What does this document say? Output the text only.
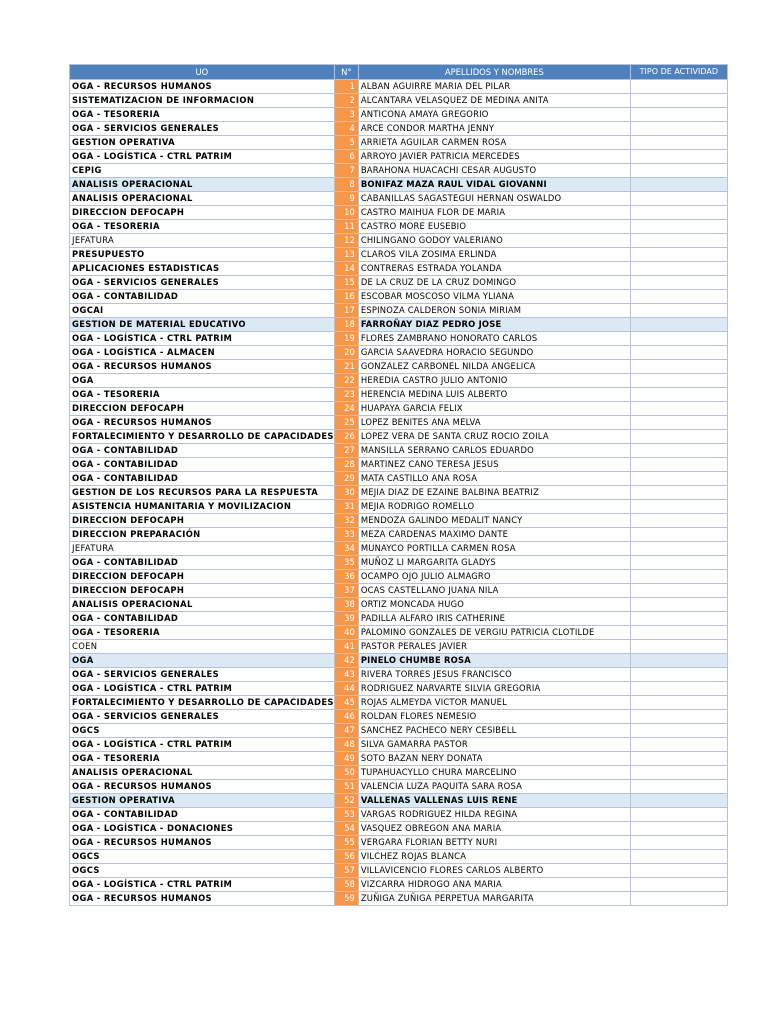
UO	N°	APELLIDOS Y NOMBRES	TIPO DE ACTIVIDAD
OGA - RECURSOS HUMANOS	1	ALBAN AGUIRRE MARIA DEL PILAR	
SISTEMATIZACION DE INFORMACION	2	ALCANTARA VELASQUEZ DE MEDINA ANITA	
OGA - TESORERIA	3	ANTICONA AMAYA GREGORIO	
OGA - SERVICIOS GENERALES	4	ARCE CONDOR MARTHA JENNY	
GESTION OPERATIVA	5	ARRIETA AGUILAR CARMEN ROSA	
OGA - LOGÍSTICA - CTRL PATRIM	6	ARROYO JAVIER PATRICIA MERCEDES	
CEPIG	7	BARAHONA HUACACHI CESAR AUGUSTO	
ANALISIS OPERACIONAL	8	BONIFAZ MAZA RAUL VIDAL GIOVANNI	
ANALISIS OPERACIONAL	9	CABANILLAS SAGASTEGUI HERNAN OSWALDO	
DIRECCION DEFOCAPH	10	CASTRO MAIHUA FLOR DE MARIA	
OGA - TESORERIA	11	CASTRO MORE EUSEBIO	
JEFATURA	12	CHILINGANO GODOY VALERIANO	
PRESUPUESTO	13	CLAROS VILA ZOSIMA ERLINDA	
APLICACIONES ESTADISTICAS	14	CONTRERAS ESTRADA YOLANDA	
OGA - SERVICIOS GENERALES	15	DE LA CRUZ DE LA CRUZ DOMINGO	
OGA - CONTABILIDAD	16	ESCOBAR MOSCOSO VILMA YLIANA	
OGCAI	17	ESPINOZA CALDERON SONIA MIRIAM	
GESTION DE MATERIAL EDUCATIVO	18	FARROÑAY DIAZ PEDRO JOSE	
OGA - LOGÍSTICA - CTRL PATRIM	19	FLORES ZAMBRANO HONORATO CARLOS	
OGA - LOGÍSTICA - ALMACEN	20	GARCIA SAAVEDRA HORACIO SEGUNDO	
OGA - RECURSOS HUMANOS	21	GONZALEZ CARBONEL NILDA ANGELICA	
OGA	22	HEREDIA CASTRO JULIO ANTONIO	
OGA - TESORERIA	23	HERENCIA MEDINA LUIS ALBERTO	
DIRECCION DEFOCAPH	24	HUAPAYA GARCIA FELIX	
OGA - RECURSOS HUMANOS	25	LOPEZ BENITES ANA MELVA	
FORTALECIMIENTO Y DESARROLLO DE CAPACIDADES	26	LOPEZ VERA DE SANTA CRUZ ROCIO ZOILA	
OGA - CONTABILIDAD	27	MANSILLA SERRANO CARLOS EDUARDO	
OGA - CONTABILIDAD	28	MARTINEZ CANO TERESA JESUS	
OGA - CONTABILIDAD	29	MATA CASTILLO ANA ROSA	
GESTION DE LOS RECURSOS PARA LA RESPUESTA	30	MEJIA DIAZ DE EZAINE BALBINA BEATRIZ	
ASISTENCIA HUMANITARIA Y MOVILIZACION	31	MEJIA RODRIGO ROMELLO	
DIRECCION DEFOCAPH	32	MENDOZA GALINDO MEDALIT NANCY	
DIRECCION PREPARACIÓN	33	MEZA CARDENAS MAXIMO DANTE	
JEFATURA	34	MUNAYCO PORTILLA CARMEN ROSA	
OGA - CONTABILIDAD	35	MUÑOZ LI MARGARITA GLADYS	
DIRECCION DEFOCAPH	36	OCAMPO OJO JULIO ALMAGRO	
DIRECCION DEFOCAPH	37	OCAS CASTELLANO JUANA NILA	
ANALISIS OPERACIONAL	38	ORTIZ MONCADA HUGO	
OGA - CONTABILIDAD	39	PADILLA ALFARO IRIS CATHERINE	
OGA - TESORERIA	40	PALOMINO GONZALES DE VERGIU PATRICIA CLOTILDE	
COEN	41	PASTOR PERALES JAVIER	
OGA	42	PINELO CHUMBE ROSA	
OGA - SERVICIOS GENERALES	43	RIVERA TORRES JESUS FRANCISCO	
OGA - LOGÍSTICA - CTRL PATRIM	44	RODRIGUEZ NARVARTE SILVIA GREGORIA	
FORTALECIMIENTO Y DESARROLLO DE CAPACIDADES	45	ROJAS ALMEYDA VICTOR MANUEL	
OGA - SERVICIOS GENERALES	46	ROLDAN FLORES NEMESIO	
OGCS	47	SANCHEZ PACHECO NERY CESIBELL	
OGA - LOGÍSTICA - CTRL PATRIM	48	SILVA GAMARRA PASTOR	
OGA - TESORERIA	49	SOTO BAZAN NERY DONATA	
ANALISIS OPERACIONAL	50	TUPAHUACYLLO CHURA MARCELINO	
OGA - RECURSOS HUMANOS	51	VALENCIA LUZA PAQUITA SARA ROSA	
GESTION OPERATIVA	52	VALLENAS VALLENAS LUIS RENE	
OGA - CONTABILIDAD	53	VARGAS RODRIGUEZ HILDA REGINA	
OGA - LOGÍSTICA - DONACIONES	54	VASQUEZ OBREGON ANA MARIA	
OGA - RECURSOS HUMANOS	55	VERGARA FLORIAN BETTY NURI	
OGCS	56	VILCHEZ ROJAS BLANCA	
OGCS	57	VILLAVICENCIO FLORES CARLOS ALBERTO	
OGA - LOGÍSTICA - CTRL PATRIM	58	VIZCARRA HIDROGO ANA MARIA	
OGA - RECURSOS HUMANOS	59	ZUÑIGA ZUÑIGA PERPETUA MARGARITA	
